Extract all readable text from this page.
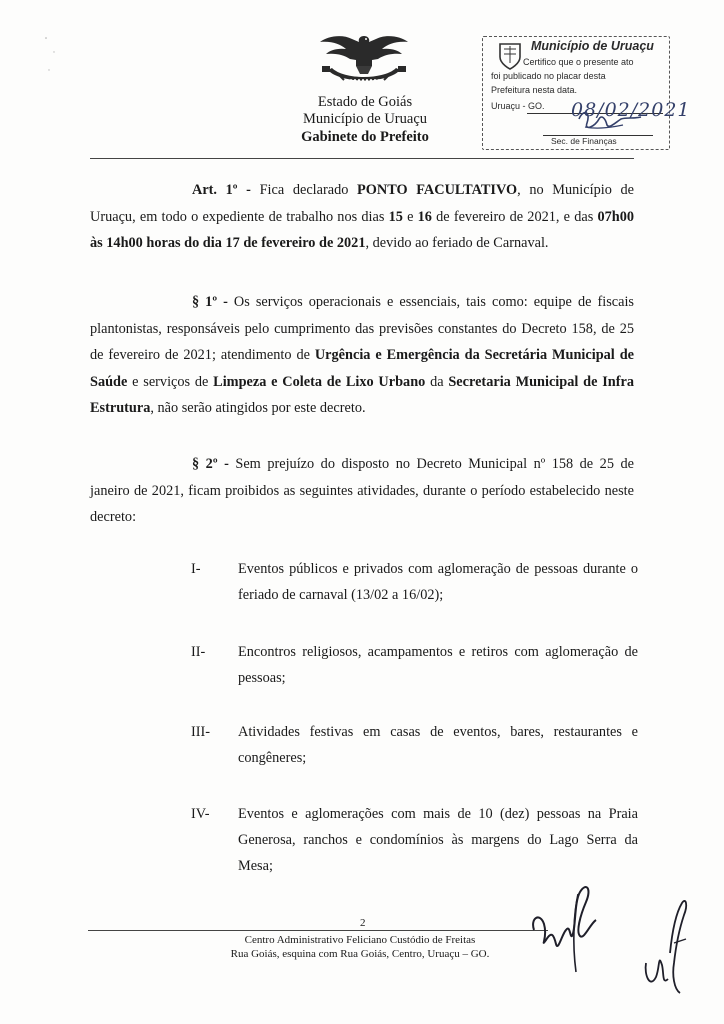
Estado de Goiás
Município de Uruaçu
Gabinete do Prefeito
Município de Uruaçu
Certifico que o presente ato
foi publicado no placar desta
Prefeitura nesta data.
Uruaçu - GO. 08/02/2021
Sec. de Finanças
Art. 1º - Fica declarado PONTO FACULTATIVO, no Município de Uruaçu, em todo o expediente de trabalho nos dias 15 e 16 de fevereiro de 2021, e das 07h00 às 14h00 horas do dia 17 de fevereiro de 2021, devido ao feriado de Carnaval.
§ 1º - Os serviços operacionais e essenciais, tais como: equipe de fiscais plantonistas, responsáveis pelo cumprimento das previsões constantes do Decreto 158, de 25 de fevereiro de 2021; atendimento de Urgência e Emergência da Secretária Municipal de Saúde e serviços de Limpeza e Coleta de Lixo Urbano da Secretaria Municipal de Infra Estrutura, não serão atingidos por este decreto.
§ 2º - Sem prejuízo do disposto no Decreto Municipal nº 158 de 25 de janeiro de 2021, ficam proibidos as seguintes atividades, durante o período estabelecido neste decreto:
I-	Eventos públicos e privados com aglomeração de pessoas durante o feriado de carnaval (13/02 a 16/02);
II-	Encontros religiosos, acampamentos e retiros com aglomeração de pessoas;
III-	Atividades festivas em casas de eventos, bares, restaurantes e congêneres;
IV-	Eventos e aglomerações com mais de 10 (dez) pessoas na Praia Generosa, ranchos e condomínios às margens do Lago Serra da Mesa;
2
Centro Administrativo Feliciano Custódio de Freitas
Rua Goiás, esquina com Rua Goiás, Centro, Uruaçu – GO.
